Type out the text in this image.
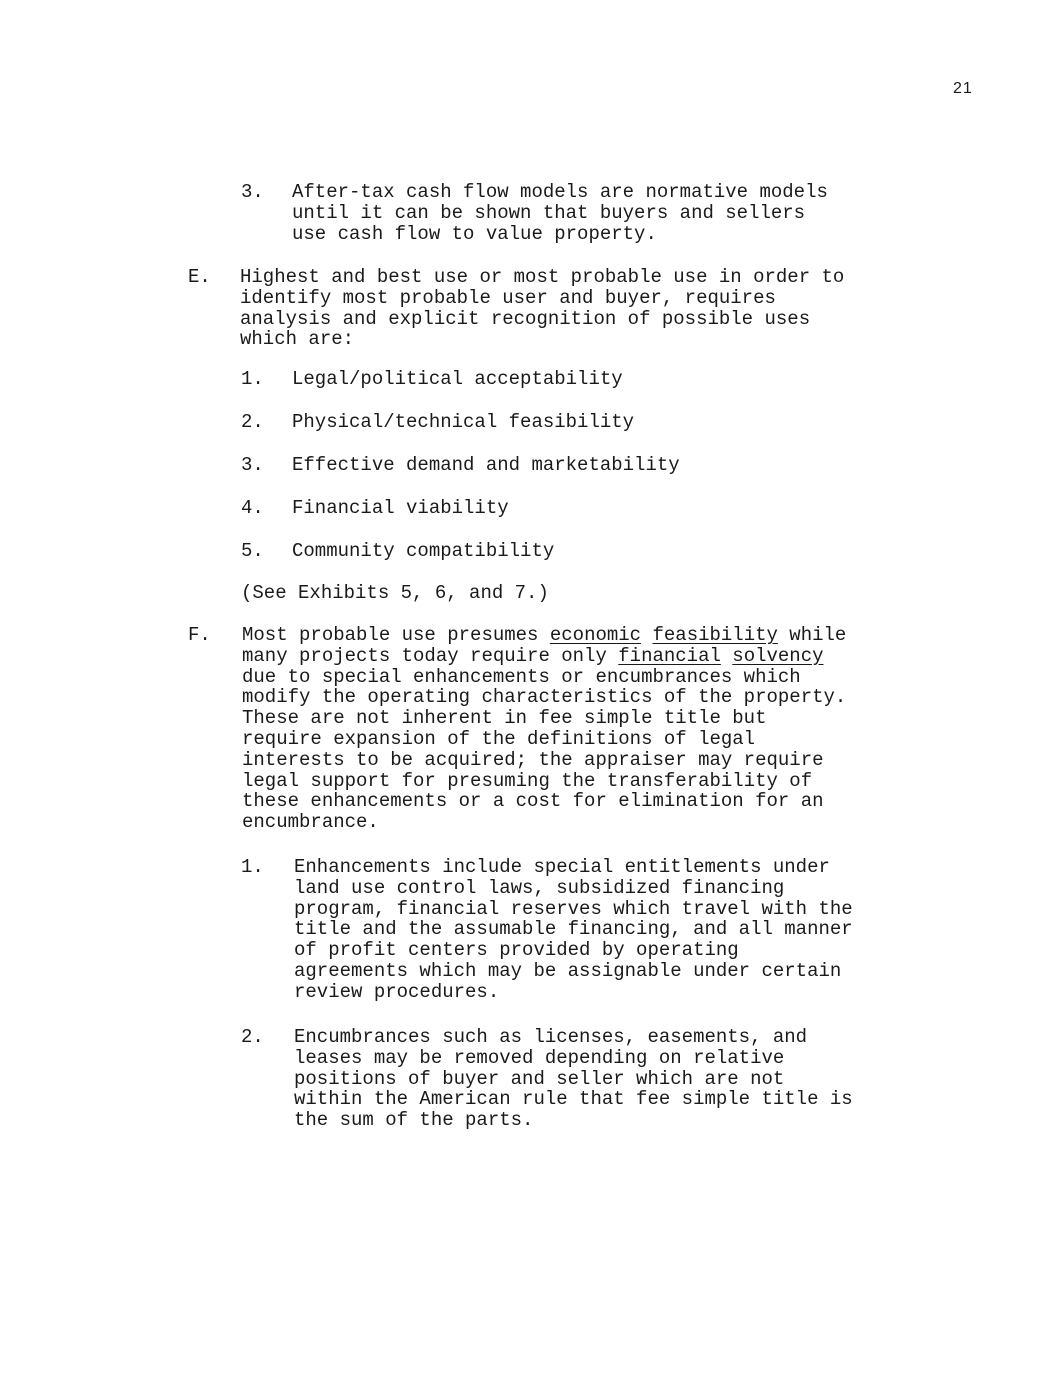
21
3. After-tax cash flow models are normative models
until it can be shown that buyers and sellers
use cash flow to value property.
E. Highest and best use or most probable use in order to
identify most probable user and buyer, requires
analysis and explicit recognition of possible uses
which are:
1. Legal/political acceptability
2. Physical/technical feasibility
3. Effective demand and marketability
4. Financial viability
5. Community compatibility
(See Exhibits 5, 6, and 7.)
F. Most probable use presumes economic feasibility while
many projects today require only financial solvency
due to special enhancements or encumbrances which
modify the operating characteristics of the property.
These are not inherent in fee simple title but
require expansion of the definitions of legal
interests to be acquired; the appraiser may require
legal support for presuming the transferability of
these enhancements or a cost for elimination for an
encumbrance.
1. Enhancements include special entitlements under
land use control laws, subsidized financing
program, financial reserves which travel with the
title and the assumable financing, and all manner
of profit centers provided by operating
agreements which may be assignable under certain
review procedures.
2. Encumbrances such as licenses, easements, and
leases may be removed depending on relative
positions of buyer and seller which are not
within the American rule that fee simple title is
the sum of the parts.
